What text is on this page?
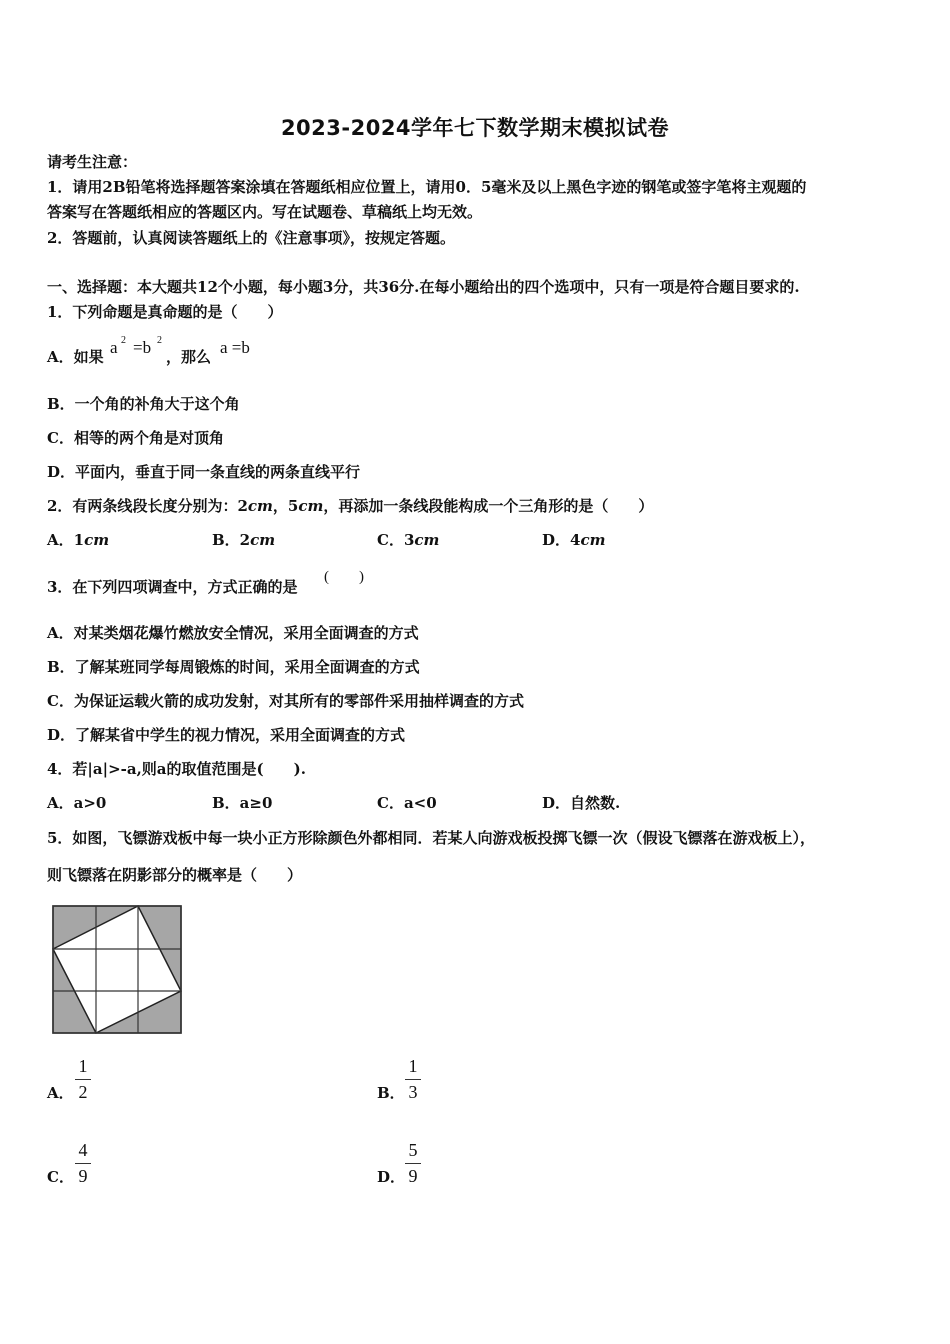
2023-2024学年七下数学期末模拟试卷
请考生注意：
1．请用2B铅笔将选择题答案涂填在答题纸相应位置上，请用0．5毫米及以上黑色字迹的钢笔或签字笔将主观题的
答案写在答题纸相应的答题区内。写在试题卷、草稿纸上均无效。
2．答题前，认真阅读答题纸上的《注意事项》，按规定答题。
一、选择题：本大题共12个小题，每小题3分，共36分.在每小题给出的四个选项中，只有一项是符合题目要求的.
1．下列命题是真命题的是（　　）
A．如果 a 2 =b 2
，那么 a =b
B．一个角的补角大于这个角
C．相等的两个角是对顶角
D．平面内，垂直于同一条直线的两条直线平行
2．有两条线段长度分别为：2cm，5cm，再添加一条线段能构成一个三角形的是（　　）
A．1cm	B．2cm	C．3cm	D．4cm
3．在下列四项调查中，方式正确的是
(　　)
A．对某类烟花爆竹燃放安全情况，采用全面调查的方式
B．了解某班同学每周锻炼的时间，采用全面调查的方式
C．为保证运载火箭的成功发射，对其所有的零部件采用抽样调查的方式
D．了解某省中学生的视力情况，采用全面调查的方式
4．若|a|>-a,则a的取值范围是(　　).
A．a>0	B．a≥0	C．a<0	D．自然数.
5．如图，飞镖游戏板中每一块小正方形除颜色外都相同．若某人向游戏板投掷飞镖一次（假设飞镖落在游戏板上），
则飞镖落在阴影部分的概率是（　　）
A．
1
2	B．
1
3
C．
4
9	D．
5
9
